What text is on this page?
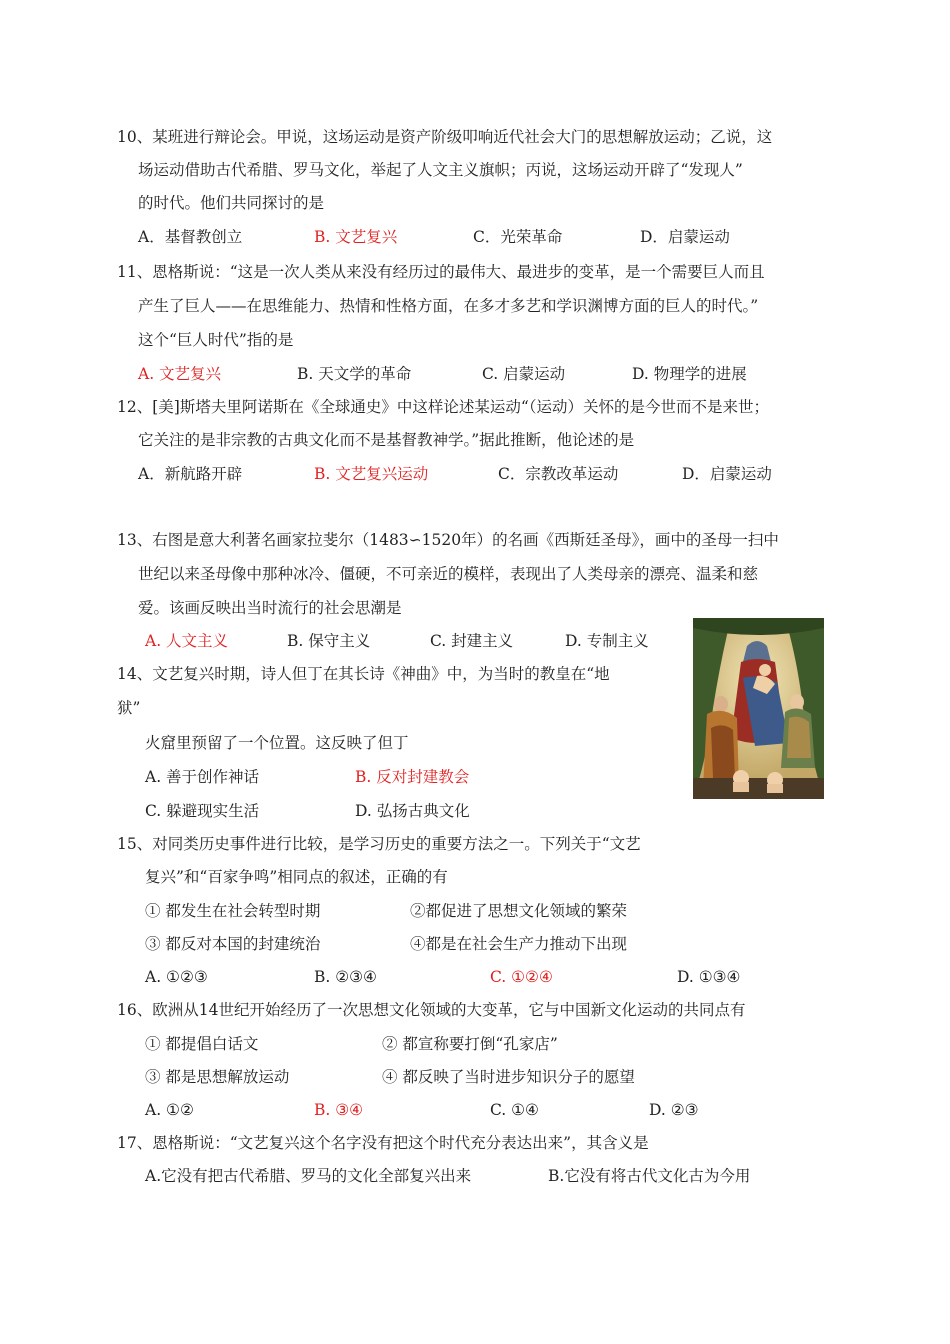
10、某班进行辩论会。甲说，这场运动是资产阶级叩响近代社会大门的思想解放运动；乙说，这
场运动借助古代希腊、罗马文化，举起了人文主义旗帜；丙说，这场运动开辟了“发现人”
的时代。他们共同探讨的是
A．基督教创立	B. 文艺复兴	C．光荣革命	D．启蒙运动
11、恩格斯说：“这是一次人类从来没有经历过的最伟大、最进步的变革，是一个需要巨人而且
产生了巨人——在思维能力、热情和性格方面，在多才多艺和学识渊博方面的巨人的时代。”
这个“巨人时代”指的是
A. 文艺复兴	B. 天文学的革命	C. 启蒙运动	D. 物理学的进展
12、[美]斯塔夫里阿诺斯在《全球通史》中这样论述某运动“（运动）关怀的是今世而不是来世；
它关注的是非宗教的古典文化而不是基督教神学。”据此推断，他论述的是
A．新航路开辟	B. 文艺复兴运动	C．宗教改革运动	D．启蒙运动
13、右图是意大利著名画家拉斐尔（1483∽1520年）的名画《西斯廷圣母》，画中的圣母一扫中
世纪以来圣母像中那种冰冷、僵硬，不可亲近的模样，表现出了人类母亲的漂亮、温柔和慈
爱。该画反映出当时流行的社会思潮是
A. 人文主义	B. 保守主义	C. 封建主义	D. 专制主义
14、文艺复兴时期，诗人但丁在其长诗《神曲》中，为当时的教皇在“地
狱”
火窟里预留了一个位置。这反映了但丁
A. 善于创作神话	B. 反对封建教会
C. 躲避现实生活	D. 弘扬古典文化
15、对同类历史事件进行比较，是学习历史的重要方法之一。下列关于“文艺
复兴”和“百家争鸣”相同点的叙述，正确的有
① 都发生在社会转型时期	②都促进了思想文化领域的繁荣
③ 都反对本国的封建统治	④都是在社会生产力推动下出现
A. ①②③	B. ②③④	C. ①②④	D. ①③④
16、欧洲从14世纪开始经历了一次思想文化领域的大变革，它与中国新文化运动的共同点有
① 都提倡白话文	② 都宣称要打倒“孔家店”
③ 都是思想解放运动	④ 都反映了当时进步知识分子的愿望
A. ①②	B. ③④	C. ①④	D. ②③
17、恩格斯说：“文艺复兴这个名字没有把这个时代充分表达出来”，其含义是
A.它没有把古代希腊、罗马的文化全部复兴出来	B.它没有将古代文化古为今用
